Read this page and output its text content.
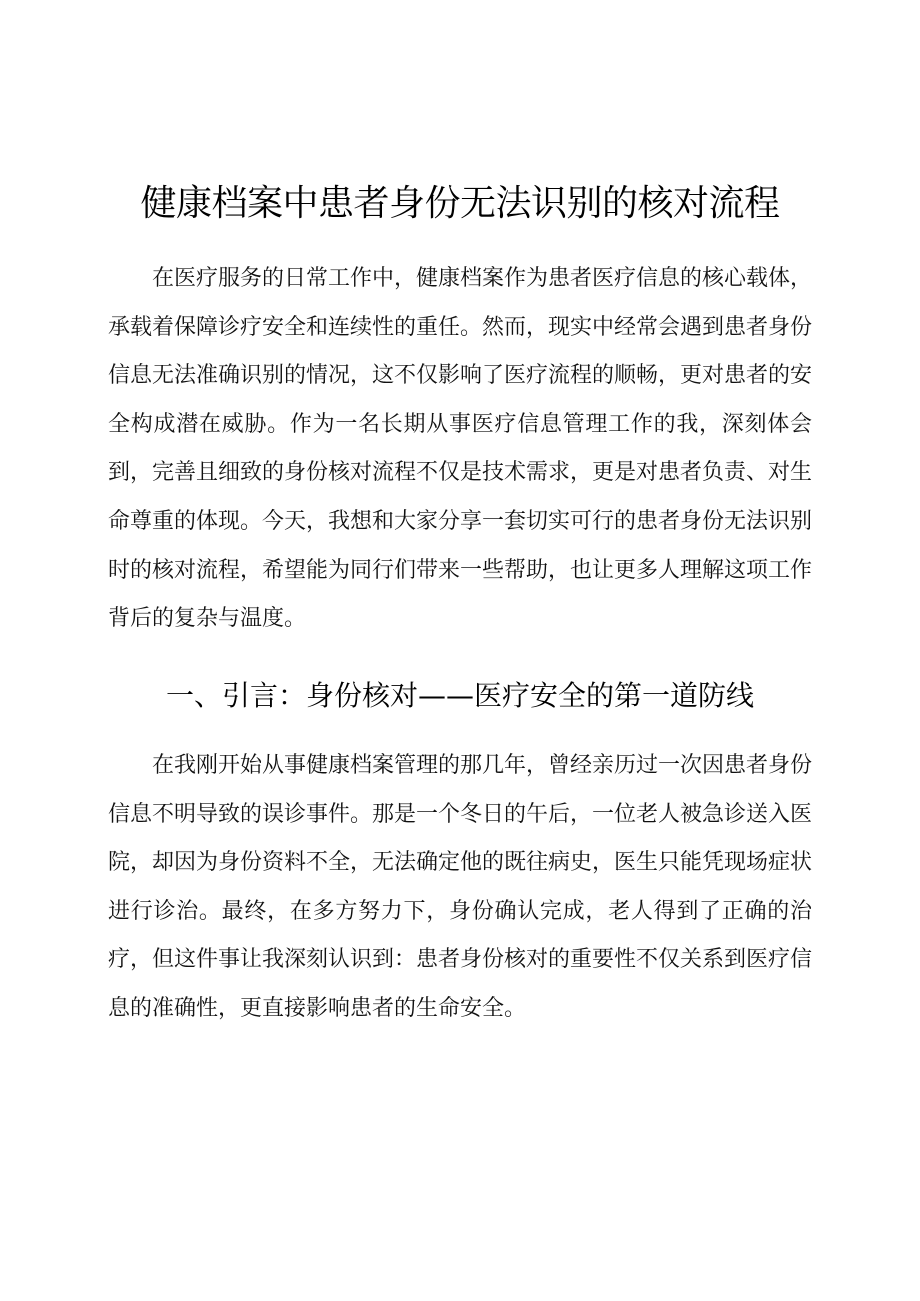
健康档案中患者身份无法识别的核对流程

在医疗服务的日常工作中，健康档案作为患者医疗信息的核心载体，承载着保障诊疗安全和连续性的重任。然而，现实中经常会遇到患者身份信息无法准确识别的情况，这不仅影响了医疗流程的顺畅，更对患者的安全构成潜在威胁。作为一名长期从事医疗信息管理工作的我，深刻体会到，完善且细致的身份核对流程不仅是技术需求，更是对患者负责、对生命尊重的体现。今天，我想和大家分享一套切实可行的患者身份无法识别时的核对流程，希望能为同行们带来一些帮助，也让更多人理解这项工作背后的复杂与温度。

一、引言：身份核对——医疗安全的第一道防线

在我刚开始从事健康档案管理的那几年，曾经亲历过一次因患者身份信息不明导致的误诊事件。那是一个冬日的午后，一位老人被急诊送入医院，却因为身份资料不全，无法确定他的既往病史，医生只能凭现场症状进行诊治。最终，在多方努力下，身份确认完成，老人得到了正确的治疗，但这件事让我深刻认识到：患者身份核对的重要性不仅关系到医疗信息的准确性，更直接影响患者的生命安全。
